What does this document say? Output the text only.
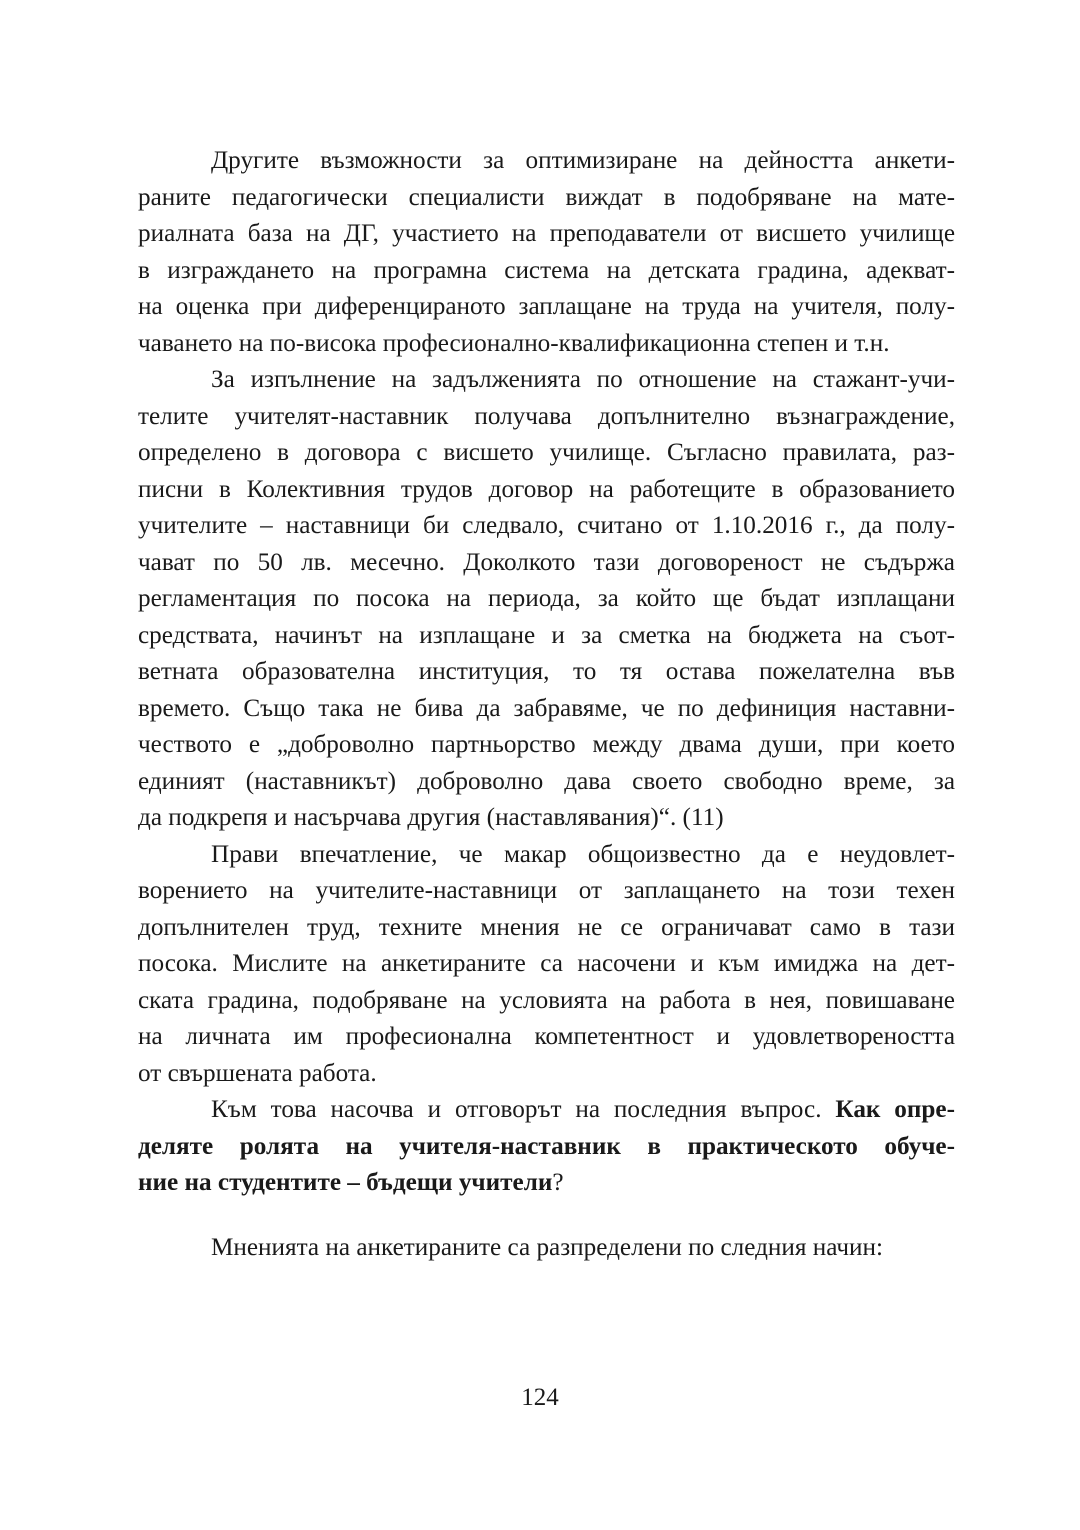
Другите възможности за оптимизиране на дейността анкети-
раните педагогически специалисти виждат в подобряване на мате-
риалната база на ДГ, участието на преподаватели от висшето училище
в изграждането на програмна система на детската градина, адекват-
на оценка при диференцираното заплащане на труда на учителя, полу-
чаването на по-висока професионално-квалификационна степен и т.н.
За изпълнение на задълженията по отношение на стажант-учи-
телите учителят-наставник получава допълнително възнаграждение,
определено в договора с висшето училище. Съгласно правилата, раз-
писни в Колективния трудов договор на работещите в образованието
учителите – наставници би следвало, считано от 1.10.2016 г., да полу-
чават по 50 лв. месечно. Доколкото тази договореност не съдържа
регламентация по посока на периода, за който ще бъдат изплащани
средствата, начинът на изплащане и за сметка на бюджета на съот-
ветната образователна институция, то тя остава пожелателна във
времето. Също така не бива да забравяме, че по дефиниция наставни-
чеството е „доброволно партньорство между двама души, при което
единият (наставникът) доброволно дава своето свободно време, за
да подкрепя и насърчава другия (наставлявания)“. (11)
Прави впечатление, че макар общоизвестно да е неудовлет-
ворението на учителите-наставници от заплащането на този техен
допълнителен труд, техните мнения не се ограничават само в тази
посока. Мислите на анкетираните са насочени и към имиджа на дет-
ската градина, подобряване на условията на работа в нея, повишаване
на личната им професионална компетентност и удовлетвореността
от свършената работа.
Към това насочва и отговорът на последния въпрос. Как опре-
деляте ролята на учителя-наставник в практическото обуче-
ние на студентите – бъдещи учители?
Мненията на анкетираните са разпределени по следния начин:
124
